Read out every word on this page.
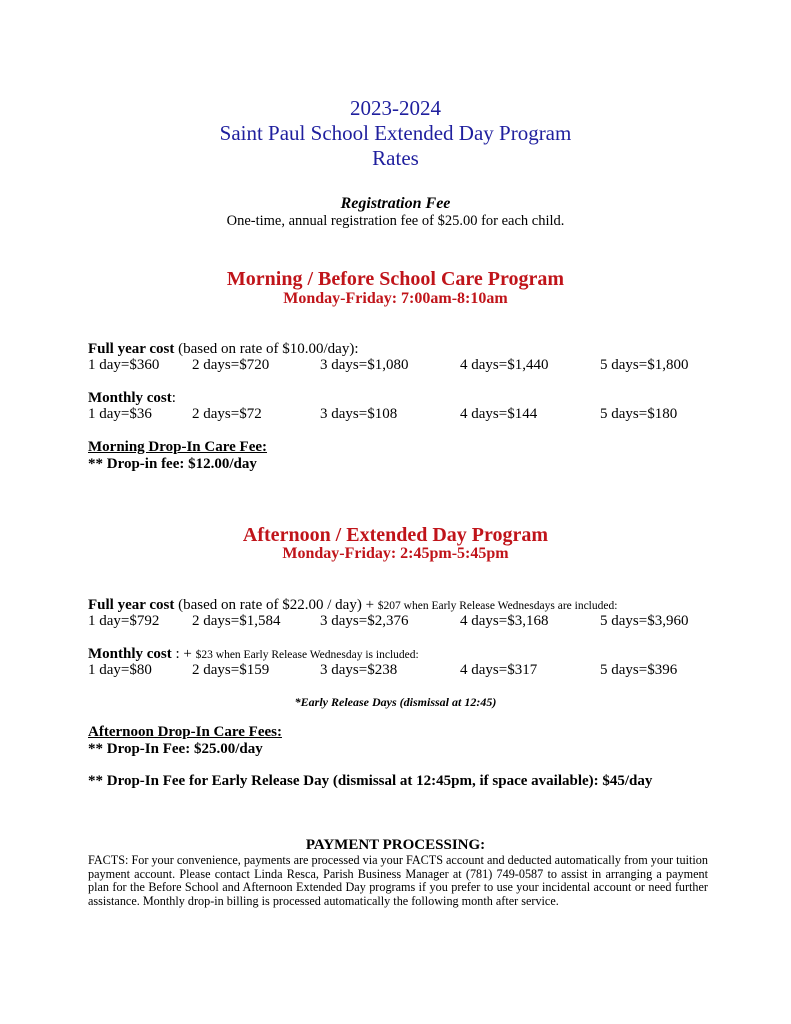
2023-2024
Saint Paul School Extended Day Program
Rates
Registration Fee
One-time, annual registration fee of $25.00 for each child.
Morning / Before School Care Program
Monday-Friday: 7:00am-8:10am
Full year cost (based on rate of $10.00/day):
1 day=$360 2 days=$720	3 days=$1,080	4 days=$1,440	5 days=$1,800
Monthly cost:
1 day=$36	2 days=$72	3 days=$108	4 days=$144	5 days=$180
Morning Drop-In Care Fee:
** Drop-in fee: $12.00/day
Afternoon / Extended Day Program
Monday-Friday: 2:45pm-5:45pm
Full year cost (based on rate of $22.00 / day) + $207 when Early Release Wednesdays are included:
1 day=$792 2 days=$1,584	3 days=$2,376	4 days=$3,168	5 days=$3,960
Monthly cost : + $23 when Early Release Wednesday is included:
1 day=$80	2 days=$159	3 days=$238	4 days=$317	5 days=$396
*Early Release Days (dismissal at 12:45)
Afternoon Drop-In Care Fees:
** Drop-In Fee: $25.00/day
** Drop-In Fee for Early Release Day (dismissal at 12:45pm, if space available): $45/day
PAYMENT PROCESSING:
FACTS: For your convenience, payments are processed via your FACTS account and deducted automatically from your tuition payment account. Please contact Linda Resca, Parish Business Manager at (781) 749-0587 to assist in arranging a payment plan for the Before School and Afternoon Extended Day programs if you prefer to use your incidental account or need further assistance. Monthly drop-in billing is processed automatically the following month after service.
